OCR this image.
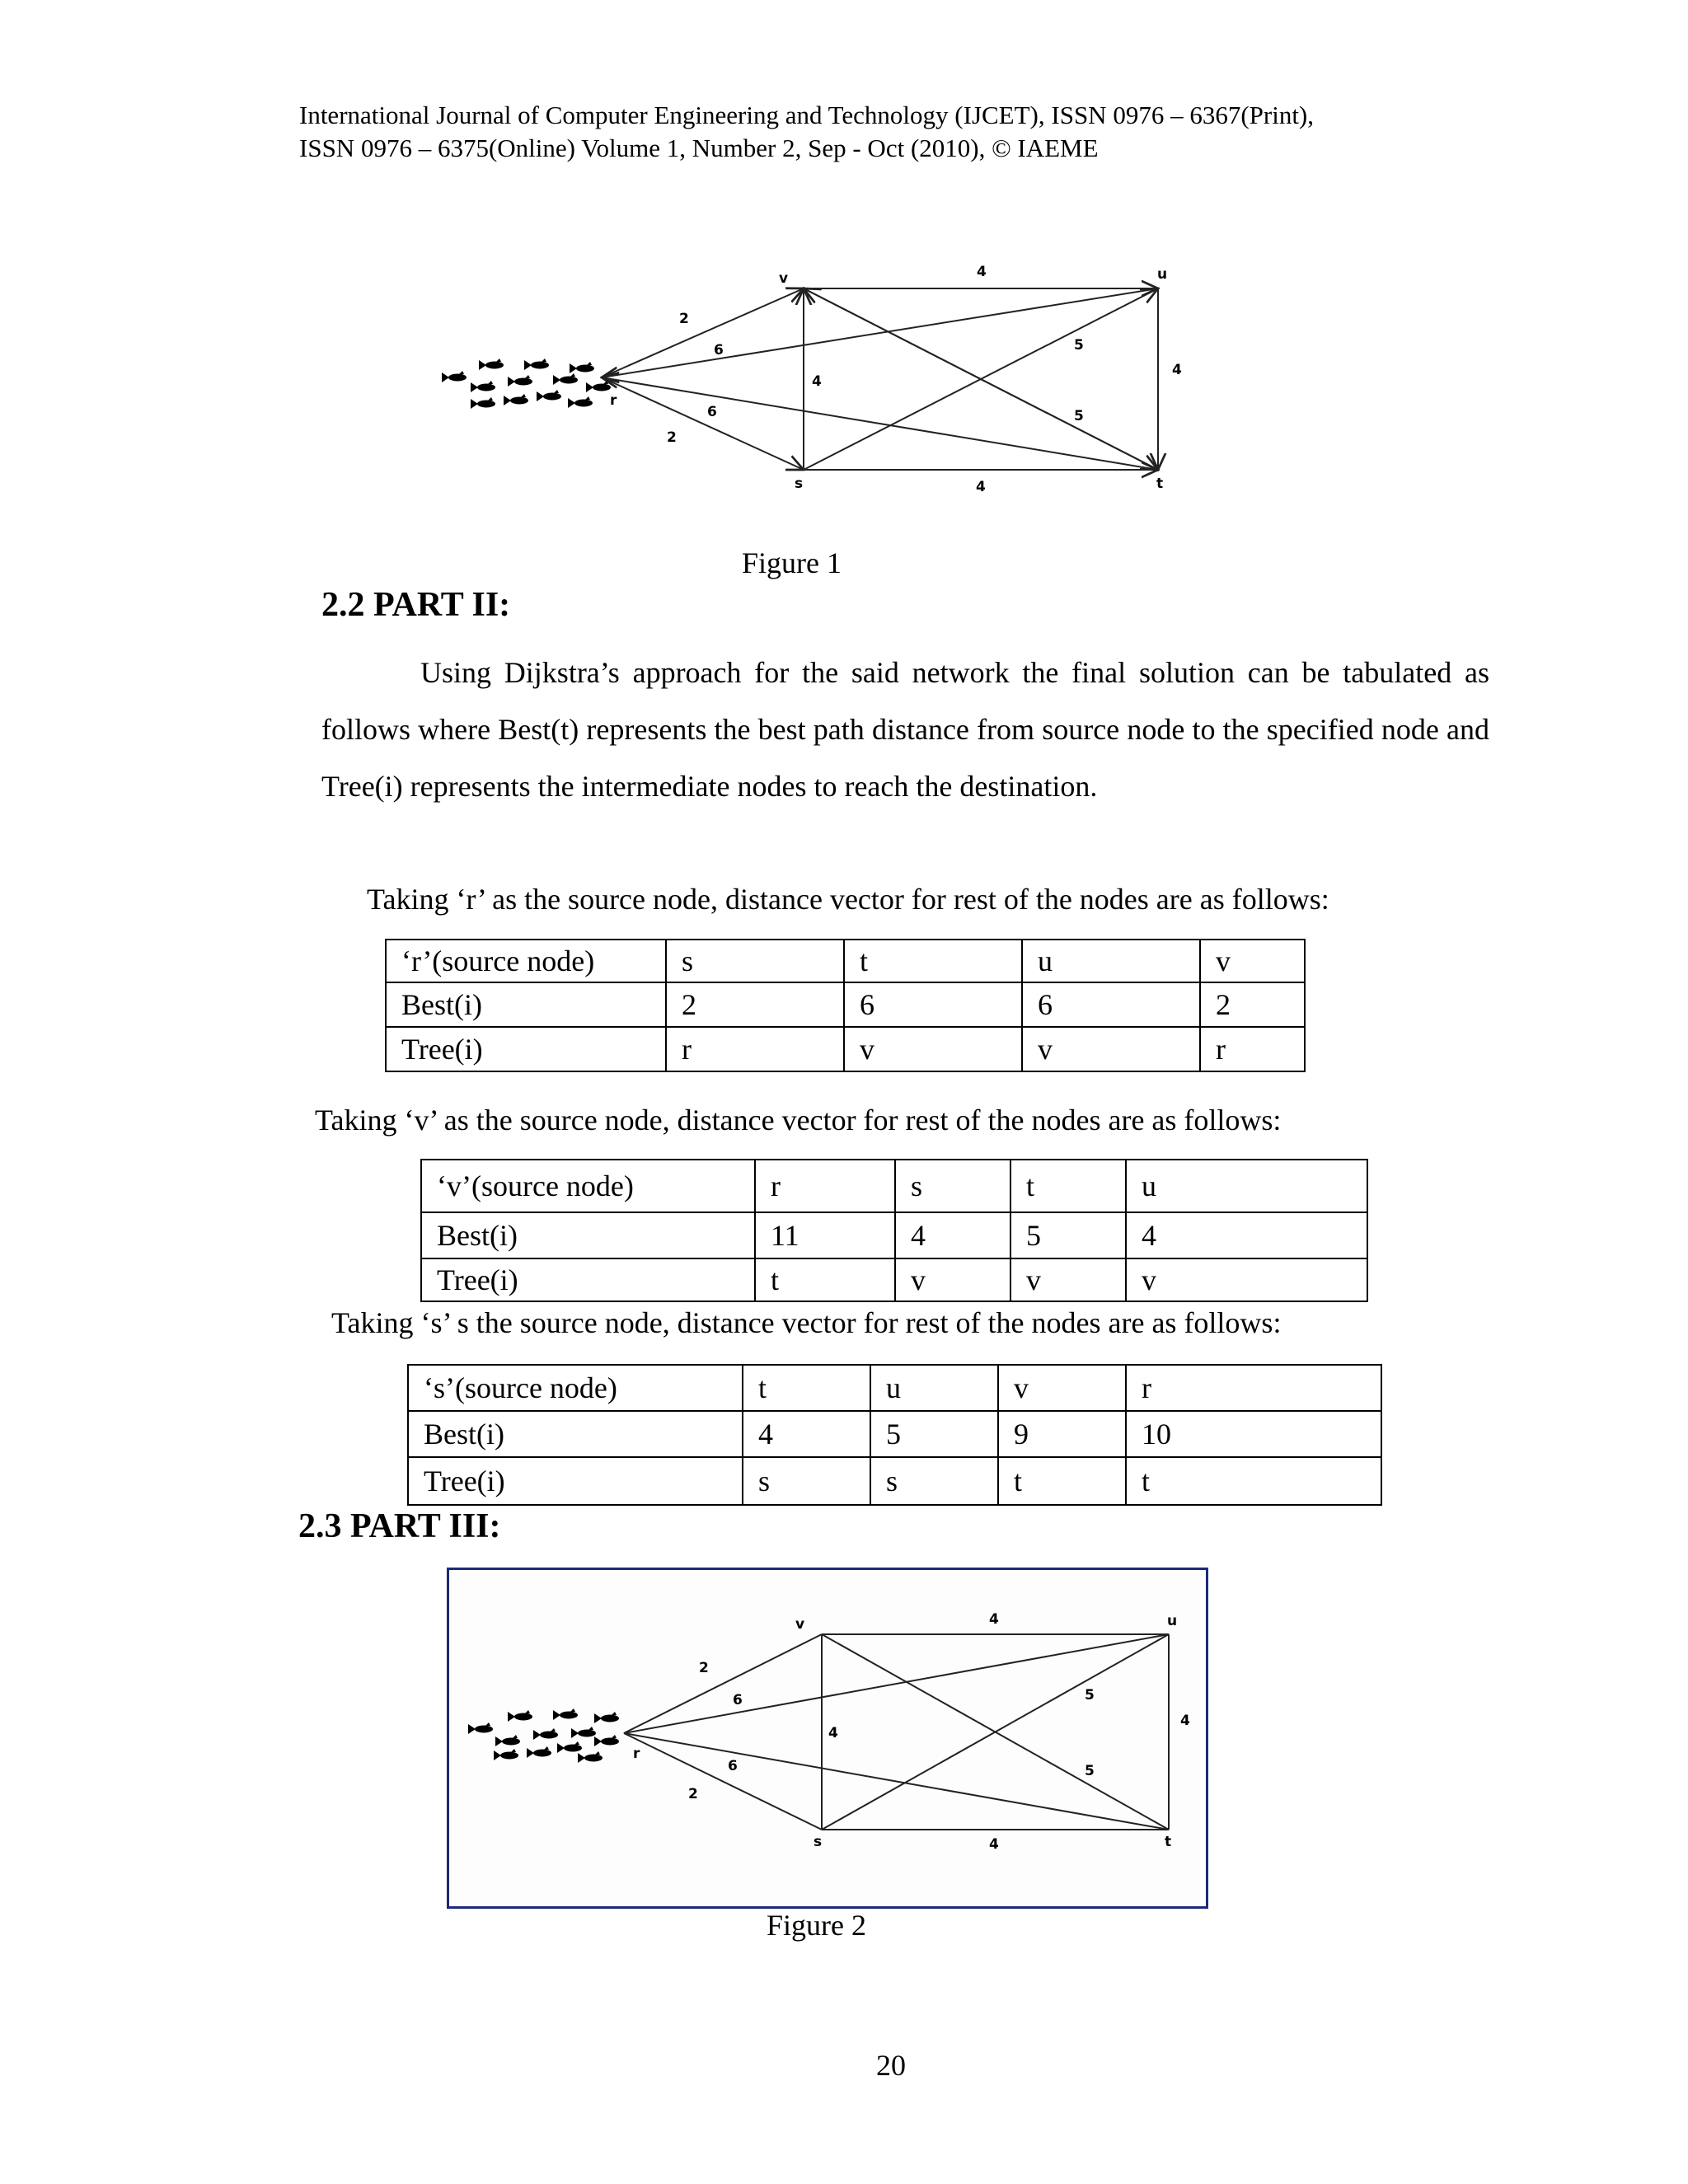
International Journal of Computer Engineering and Technology (IJCET), ISSN 0976 – 6367(Print),
ISSN 0976 – 6375(Online) Volume 1, Number 2, Sep - Oct (2010), © IAEME
v	u
r
s	t
2
6
6
2
4
4
4
4
5
5
Figure 1
2.2 PART II:
Using Dijkstra’s approach for the said network the final solution can be tabulated as follows where Best(t) represents the best path distance from source node to the specified node and Tree(i) represents the intermediate nodes to reach the destination.
Taking ‘r’ as the source node, distance vector for rest of the nodes are as follows:
‘r’(source node)	s	t	u	v
Best(i)	2	6	6	2
Tree(i)	r	v	v	r
Taking ‘v’ as the source node, distance vector for rest of the nodes are as follows:
‘v’(source node)	r	s	t	u
Best(i)	11	4	5	4
Tree(i)	t	v	v	v
Taking ‘s’ s the source node, distance vector for rest of the nodes are as follows:
‘s’(source node)	t	u	v	r
Best(i)	4	5	9	10
Tree(i)	s	s	t	t
2.3 PART III:
v	u
r
s	t
2
6
6
2
4
4
4
4
5
5
Figure 2
20
